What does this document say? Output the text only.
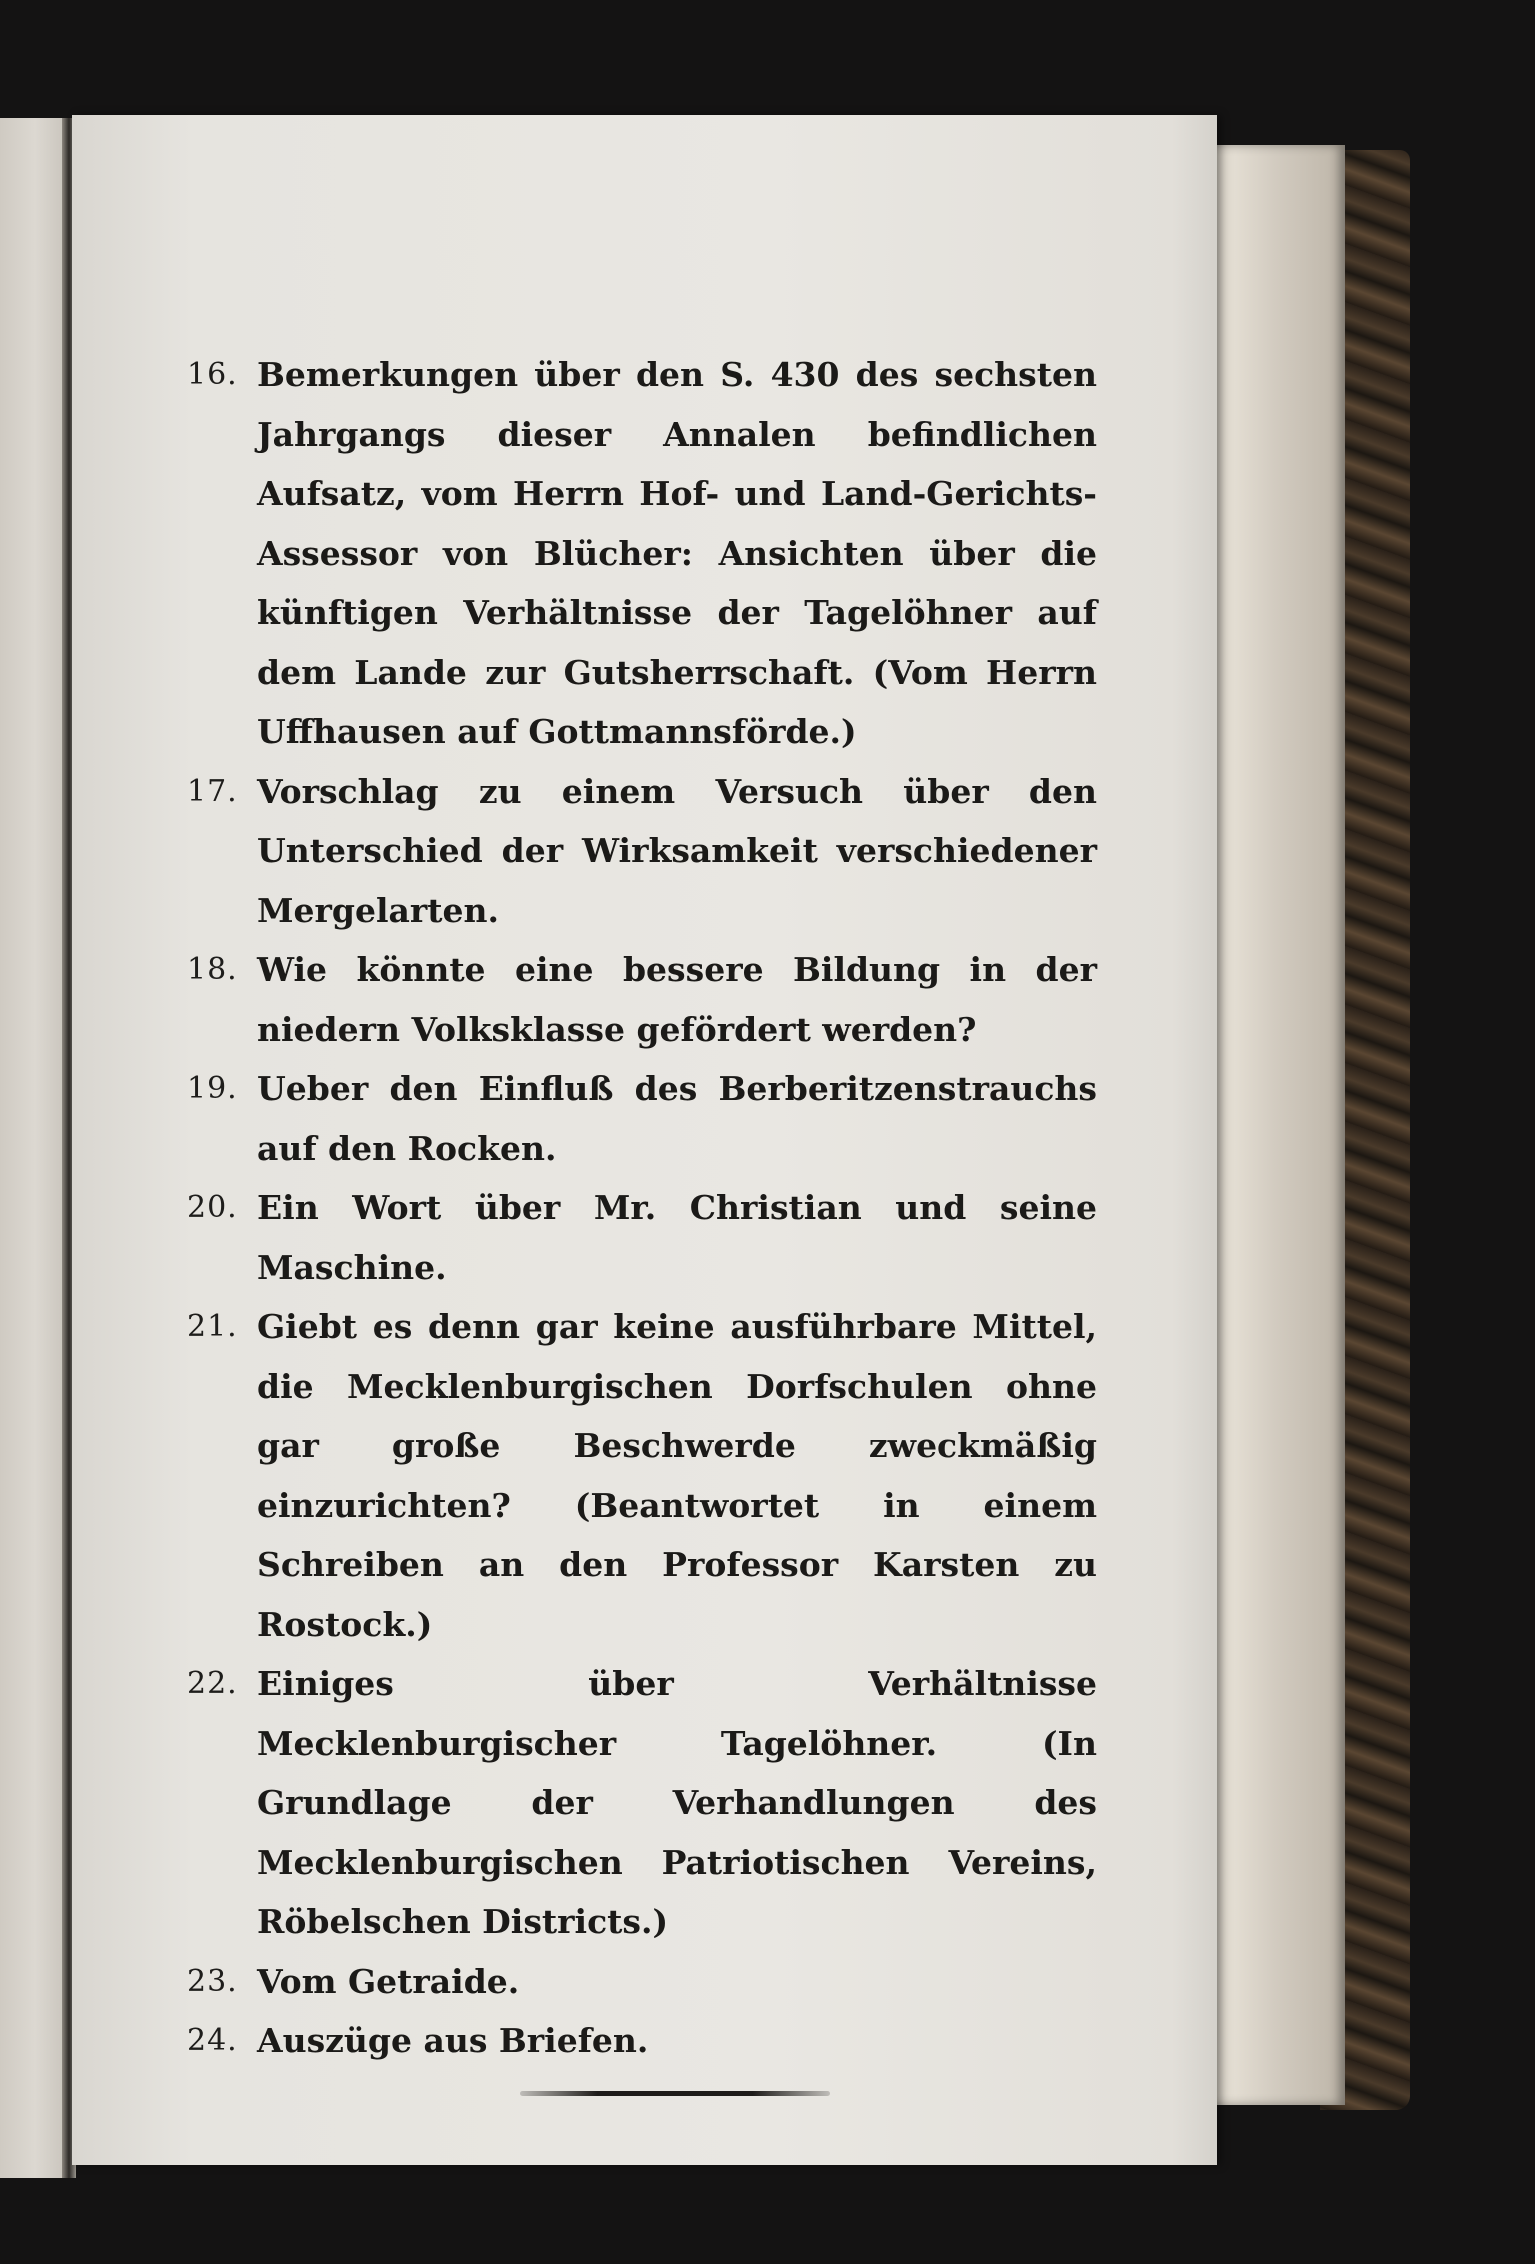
16. Bemerkungen über den S. 430 des sechsten Jahrgangs dieser Annalen befindlichen Aufsatz, vom Herrn Hof- und Land-Gerichts-Assessor von Blücher: Ansichten über die künftigen Verhältnisse der Tagelöhner auf dem Lande zur Gutsherrschaft. (Vom Herrn Uffhausen auf Gottmannsförde.)
17. Vorschlag zu einem Versuch über den Unterschied der Wirksamkeit verschiedener Mergelarten.
18. Wie könnte eine bessere Bildung in der niedern Volksklasse gefördert werden?
19. Ueber den Einfluß des Berberitzenstrauchs auf den Rocken.
20. Ein Wort über Mr. Christian und seine Maschine.
21. Giebt es denn gar keine ausführbare Mittel, die Mecklenburgischen Dorfschulen ohne gar große Beschwerde zweckmäßig einzurichten? (Beantwortet in einem Schreiben an den Professor Karsten zu Rostock.)
22. Einiges über Verhältnisse Mecklenburgischer Tagelöhner. (In Grundlage der Verhandlungen des Mecklenburgischen Patriotischen Vereins, Röbelschen Districts.)
23. Vom Getraide.
24. Auszüge aus Briefen.
